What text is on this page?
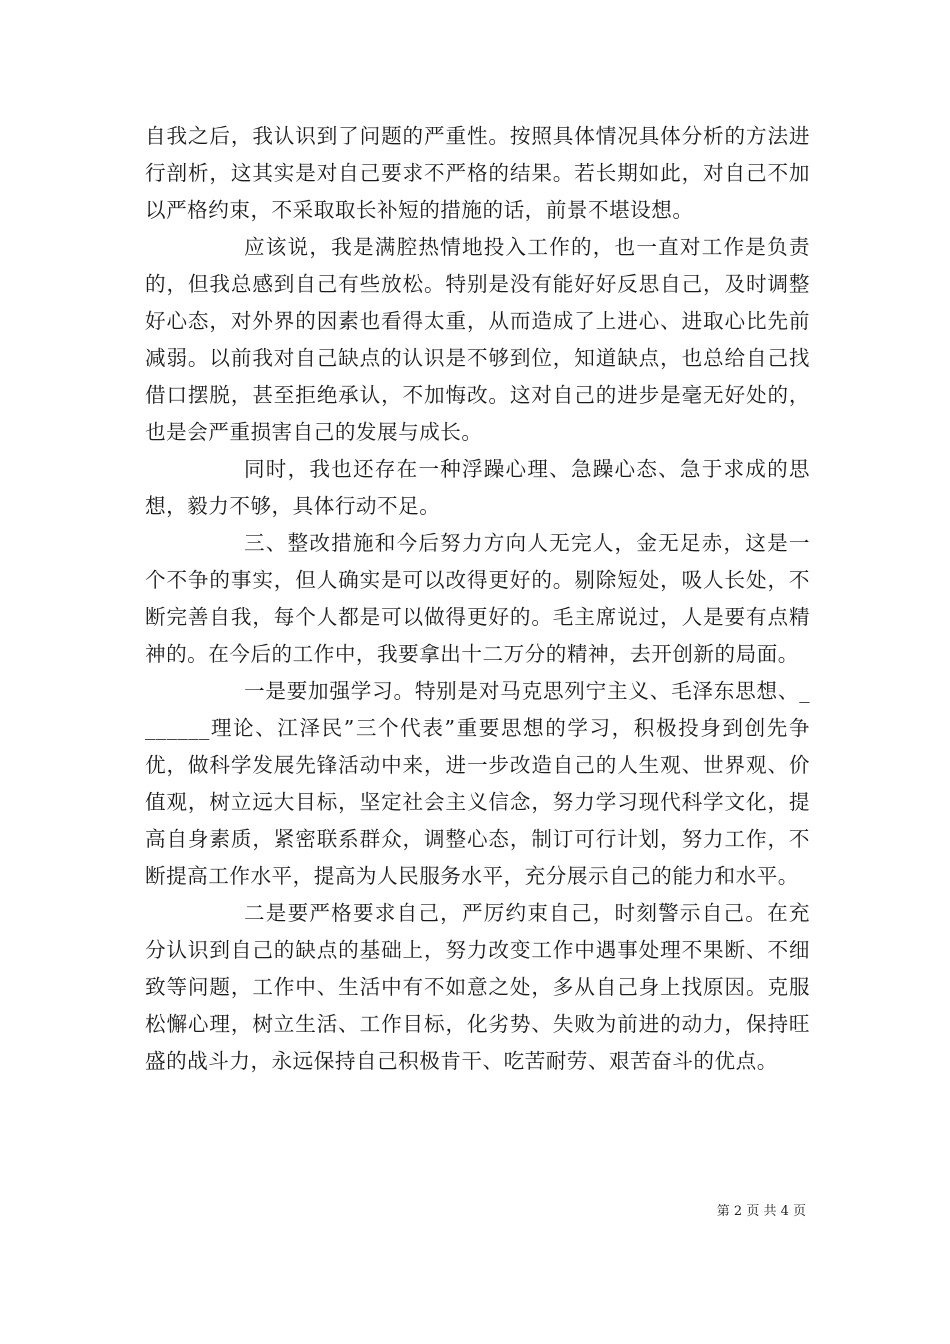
自我之后，我认识到了问题的严重性。按照具体情况具体分析的方法进行剖析，这其实是对自己要求不严格的结果。若长期如此，对自己不加以严格约束，不采取取长补短的措施的话，前景不堪设想。

应该说，我是满腔热情地投入工作的，也一直对工作是负责的，但我总感到自己有些放松。特别是没有能好好反思自己，及时调整好心态，对外界的因素也看得太重，从而造成了上进心、进取心比先前减弱。以前我对自己缺点的认识是不够到位，知道缺点，也总给自己找借口摆脱，甚至拒绝承认，不加悔改。这对自己的进步是毫无好处的，也是会严重损害自己的发展与成长。

同时，我也还存在一种浮躁心理、急躁心态、急于求成的思想，毅力不够，具体行动不足。

三、整改措施和今后努力方向人无完人，金无足赤，这是一个不争的事实，但人确实是可以改得更好的。剔除短处，吸人长处，不断完善自我，每个人都是可以做得更好的。毛主席说过，人是要有点精神的。在今后的工作中，我要拿出十二万分的精神，去开创新的局面。

一是要加强学习。特别是对马克思列宁主义、毛泽东思想、_______理论、江泽民”三个代表”重要思想的学习，积极投身到创先争优，做科学发展先锋活动中来，进一步改造自己的人生观、世界观、价值观，树立远大目标，坚定社会主义信念，努力学习现代科学文化，提高自身素质，紧密联系群众，调整心态，制订可行计划，努力工作，不断提高工作水平，提高为人民服务水平，充分展示自己的能力和水平。

二是要严格要求自己，严厉约束自己，时刻警示自己。在充分认识到自己的缺点的基础上，努力改变工作中遇事处理不果断、不细致等问题，工作中、生活中有不如意之处，多从自己身上找原因。克服松懈心理，树立生活、工作目标，化劣势、失败为前进的动力，保持旺盛的战斗力，永远保持自己积极肯干、吃苦耐劳、艰苦奋斗的优点。

第 2 页 共 4 页
